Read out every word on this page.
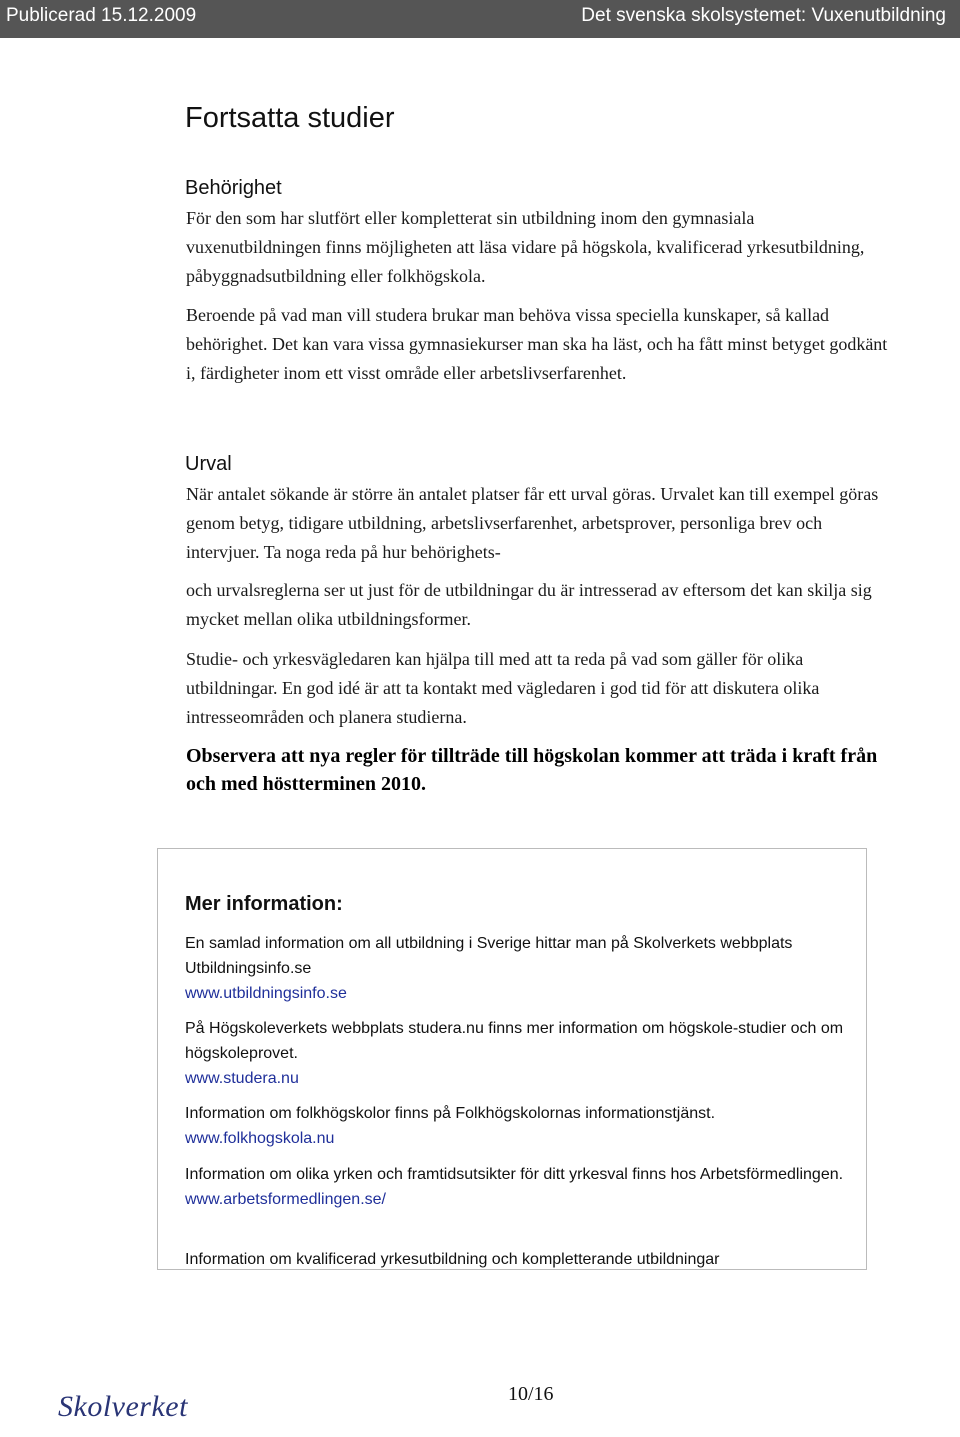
Publicerad 15.12.2009	Det svenska skolsystemet: Vuxenutbildning
Fortsatta studier
Behörighet

För den som har slutfört eller kompletterat sin utbildning inom den gymnasiala vuxenutbildningen finns möjligheten att läsa vidare på högskola, kvalificerad yrkesutbildning, påbyggnadsutbildning eller folkhögskola.

Beroende på vad man vill studera brukar man behöva vissa speciella kunskaper, så kallad behörighet. Det kan vara vissa gymnasiekurser man ska ha läst, och ha fått minst betyget godkänt i, färdigheter inom ett visst område eller arbetslivserfarenhet.

Urval

När antalet sökande är större än antalet platser får ett urval göras. Urvalet kan till exempel göras genom betyg, tidigare utbildning, arbetslivserfarenhet, arbetsprover, personliga brev och intervjuer. Ta noga reda på hur behörighets-

och urvalsreglerna ser ut just för de utbildningar du är intresserad av eftersom det kan skilja sig mycket mellan olika utbildningsformer.

Studie- och yrkesvägledaren kan hjälpa till med att ta reda på vad som gäller för olika utbildningar. En god idé är att ta kontakt med vägledaren i god tid för att diskutera olika intresseområden och planera studierna.

Observera att nya regler för tillträde till högskolan kommer att träda i kraft från och med höstterminen 2010.

Mer information:
En samlad information om all utbildning i Sverige hittar man på Skolverkets webbplats Utbildningsinfo.se
www.utbildningsinfo.se
På Högskoleverkets webbplats studera.nu finns mer information om högskole-studier och om högskoleprovet.
www.studera.nu
Information om folkhögskolor finns på Folkhögskolornas informationstjänst.
www.folkhogskola.nu
Information om olika yrken och framtidsutsikter för ditt yrkesval finns hos Arbetsförmedlingen.
www.arbetsformedlingen.se/
Information om kvalificerad yrkesutbildning och kompletterande utbildningar
10/16
Skolverket
